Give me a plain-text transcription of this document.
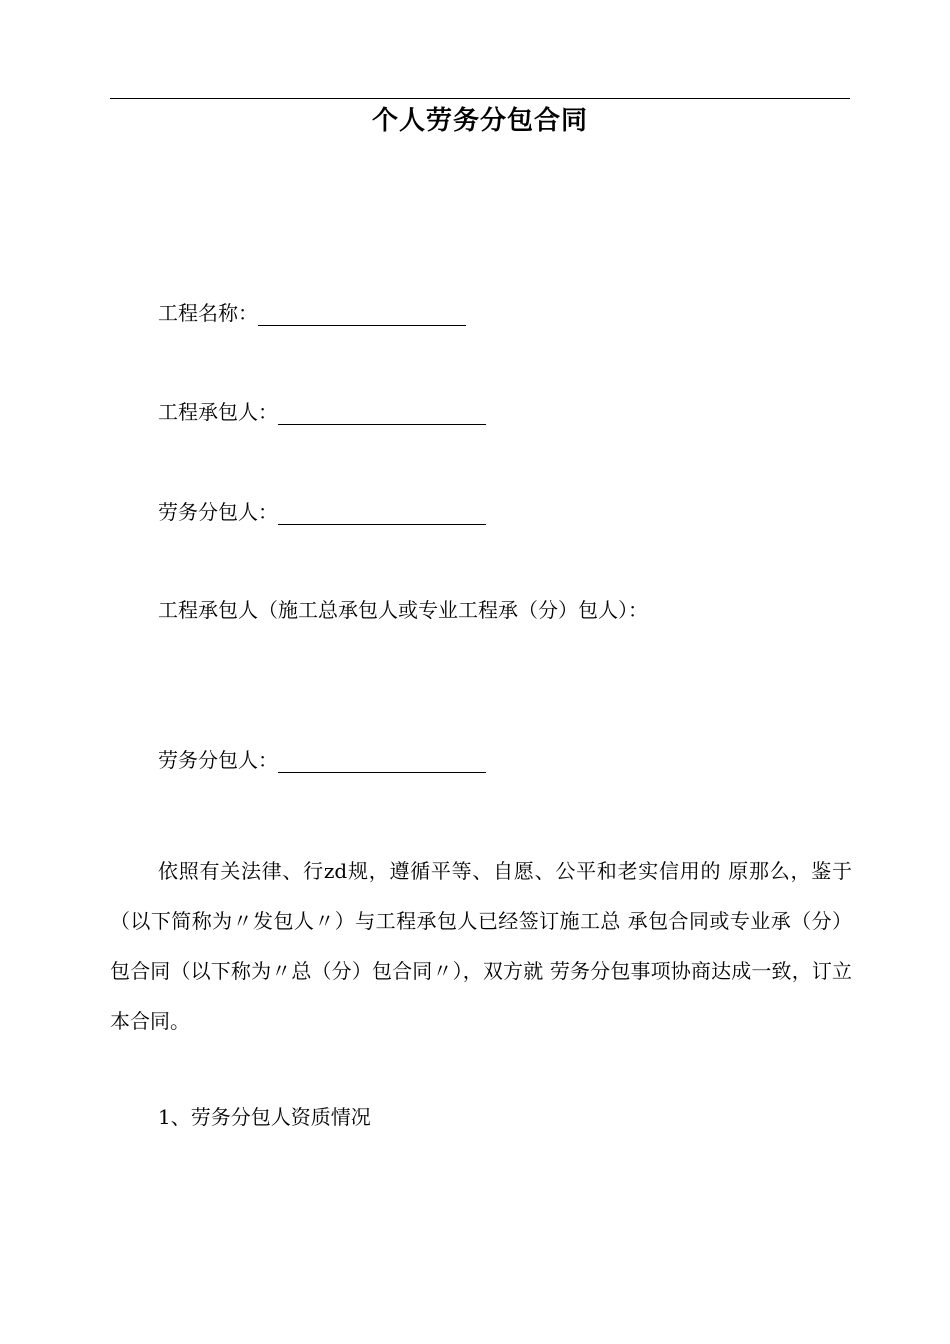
个人劳务分包合同
工程名称：
工程承包人：
劳务分包人：
工程承包人（施工总承包人或专业工程承（分）包人）：
劳务分包人：
依照有关法律、行zd规，遵循平等、自愿、公平和老实信用的 原那么，鉴于（以下简称为〃发包人〃）与工程承包人已经签订施工总 承包合同或专业承（分）包合同（以下称为〃总（分）包合同〃），双方就 劳务分包事项协商达成一致，订立本合同。
1、劳务分包人资质情况
